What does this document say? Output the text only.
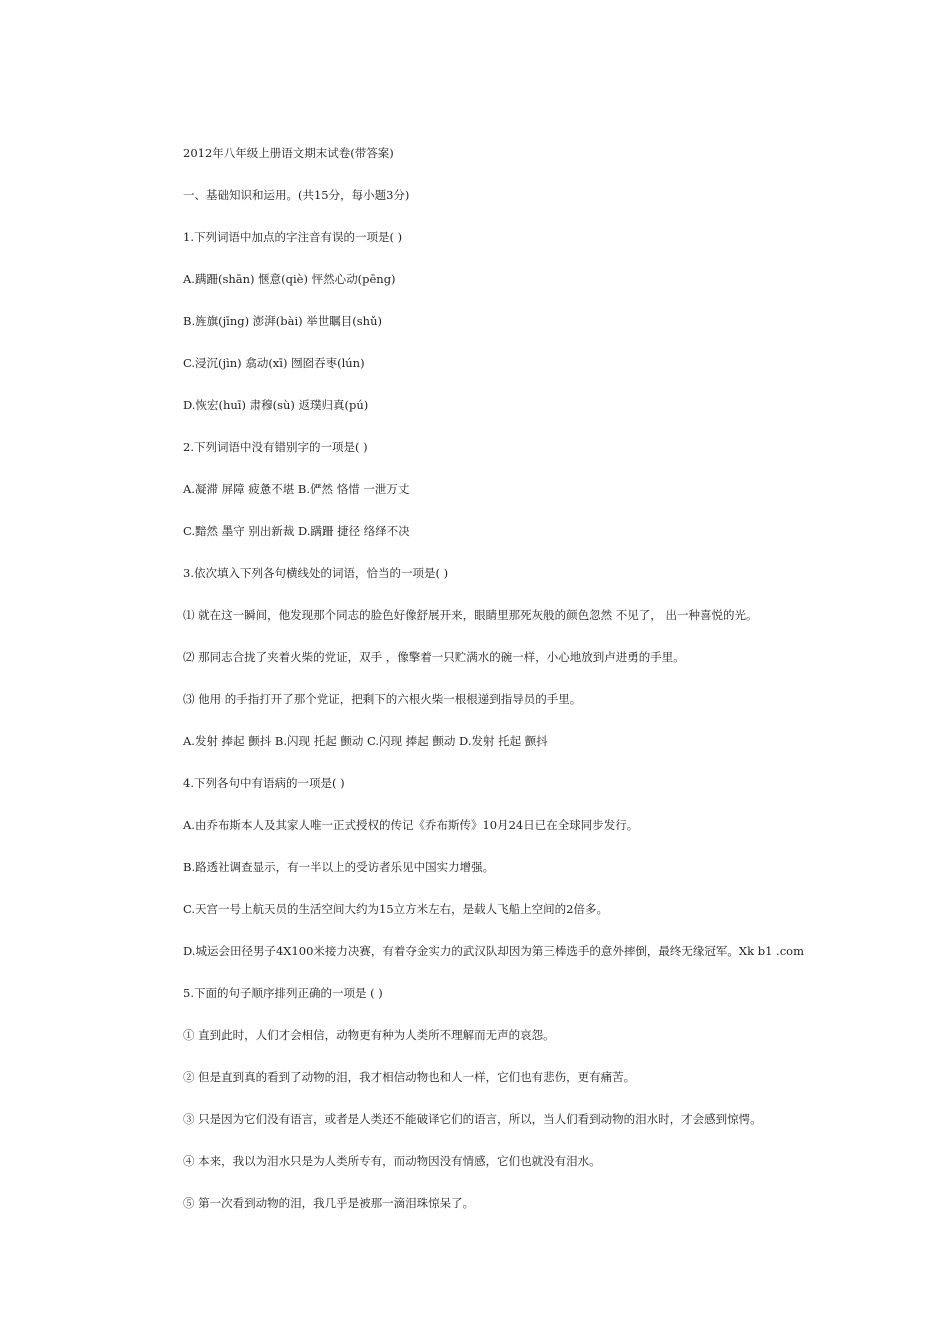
2012年八年级上册语文期末试卷(带答案)
一、基础知识和运用。(共15分，每小题3分)
1.下列词语中加点的字注音有误的一项是( )
A.蹒跚(shān) 惬意(qiè) 怦然心动(pēng)
B.旌旗(jīng) 澎湃(bài) 举世瞩目(shǔ)
C.浸沉(jìn) 翕动(xī) 囫囵吞枣(lún)
D.恢宏(huī) 肃穆(sù) 返璞归真(pú)
2.下列词语中没有错别字的一项是( )
A.凝滞 屏障 疲惫不堪 B.俨然 恪惜 一泄万丈
C.黯然 墨守 别出新裁 D.蹒跚 捷径 络绎不决
3.依次填入下列各句横线处的词语，恰当的一项是( )
⑴ 就在这一瞬间，他发现那个同志的脸色好像舒展开来，眼睛里那死灰般的颜色忽然 不见了， 出一种喜悦的光。
⑵ 那同志合拢了夹着火柴的党证，双手 ，像擎着一只贮满水的碗一样，小心地放到卢进勇的手里。
⑶ 他用 的手指打开了那个党证，把剩下的六根火柴一根根递到指导员的手里。
A.发射 捧起 颤抖 B.闪现 托起 颤动 C.闪现 捧起 颤动 D.发射 托起 颤抖
4.下列各句中有语病的一项是( )
A.由乔布斯本人及其家人唯一正式授权的传记《乔布斯传》10月24日已在全球同步发行。
B.路透社调查显示，有一半以上的受访者乐见中国实力增强。
C.天宫一号上航天员的生活空间大约为15立方米左右，是载人飞船上空间的2倍多。
D.城运会田径男子4X100米接力决赛，有着夺金实力的武汉队却因为第三棒选手的意外摔倒，最终无缘冠军。Xk b1 .com
5.下面的句子顺序排列正确的一项是 ( )
① 直到此时，人们才会相信，动物更有种为人类所不理解而无声的哀怨。
② 但是直到真的看到了动物的泪，我才相信动物也和人一样，它们也有悲伤，更有痛苦。
③ 只是因为它们没有语言，或者是人类还不能破译它们的语言，所以，当人们看到动物的泪水时，才会感到惊愕。
④ 本来，我以为泪水只是为人类所专有，而动物因没有情感，它们也就没有泪水。
⑤ 第一次看到动物的泪，我几乎是被那一滴泪珠惊呆了。
